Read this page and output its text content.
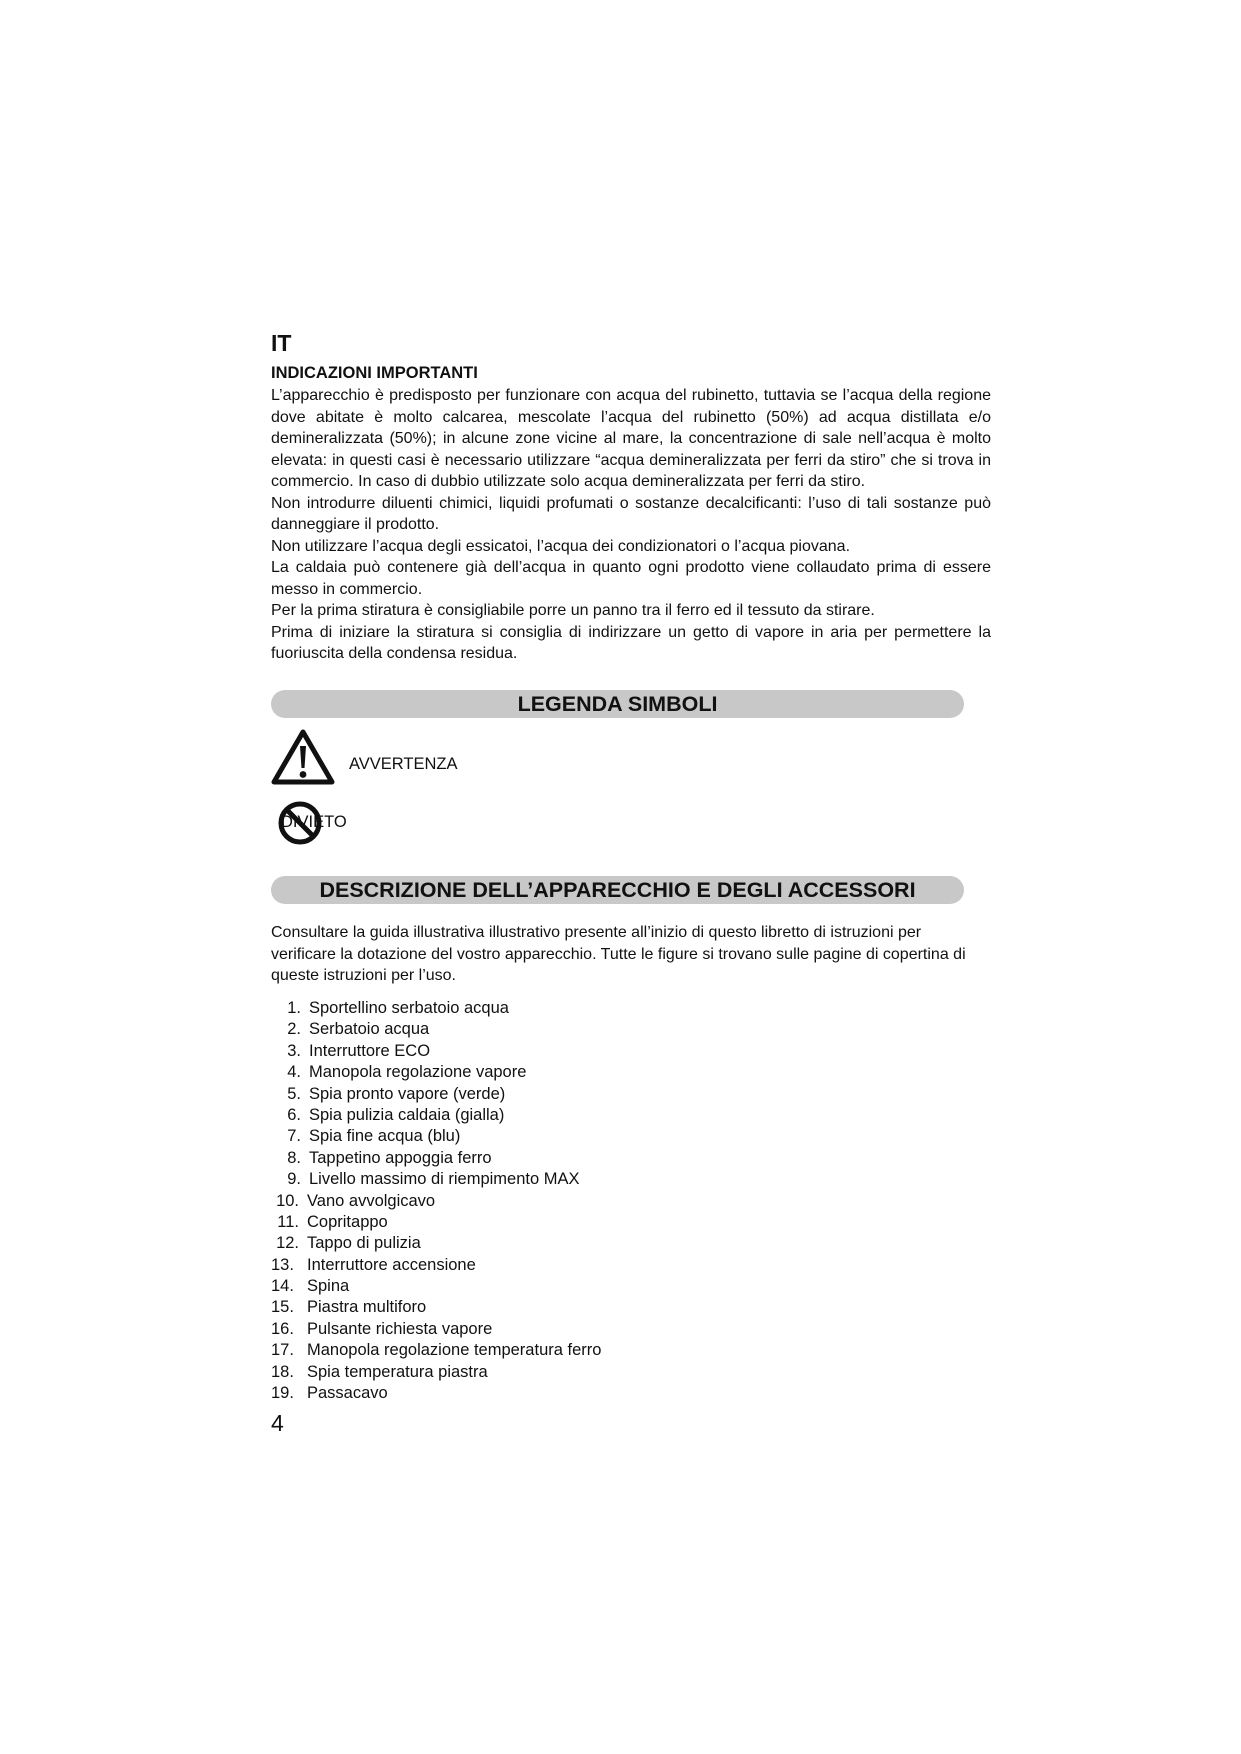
IT

INDICAZIONI IMPORTANTI

L’apparecchio è predisposto per funzionare con acqua del rubinetto, tuttavia se l’acqua della regione dove abitate è molto calcarea, mescolate l’acqua del rubinetto (50%) ad acqua distillata e/o demineralizzata (50%); in alcune zone vicine al mare, la concentrazione di sale nell’acqua è molto elevata: in questi casi è necessario utilizzare “acqua demineralizzata per ferri da stiro” che si trova in commercio. In caso di dubbio utilizzate solo acqua demineralizzata per ferri da stiro.

Non introdurre diluenti chimici, liquidi profumati o sostanze decalcificanti: l’uso di tali sostanze può danneggiare il prodotto.

Non utilizzare l’acqua degli essicatoi, l’acqua dei condizionatori o l’acqua piovana.

La caldaia può contenere già dell’acqua in quanto ogni prodotto viene collaudato prima di essere messo in commercio.

Per la prima stiratura è consigliabile porre un panno tra il ferro ed il tessuto da stirare.

Prima di iniziare la stiratura si consiglia di indirizzare un getto di vapore in aria per permettere la fuoriuscita della condensa residua.

LEGENDA SIMBOLI
AVVERTENZA
DIVIETO
DESCRIZIONE DELL’APPARECCHIO E DEGLI ACCESSORI

Consultare la guida illustrativa illustrativo presente all’inizio di questo libretto di istruzioni per verificare la dotazione del vostro apparecchio. Tutte le figure si trovano sulle pagine di copertina di queste istruzioni per l’uso.

1. Sportellino serbatoio acqua
2. Serbatoio acqua
3. Interruttore ECO
4. Manopola regolazione vapore
5. Spia pronto vapore (verde)
6. Spia pulizia caldaia (gialla)
7. Spia fine acqua (blu)
8. Tappetino appoggia ferro
9. Livello massimo di riempimento MAX
10. Vano avvolgicavo
11. Copritappo
12. Tappo di pulizia
13. Interruttore accensione
14. Spina
15. Piastra multiforo
16. Pulsante richiesta vapore
17. Manopola regolazione temperatura ferro
18. Spia temperatura piastra
19. Passacavo
4
